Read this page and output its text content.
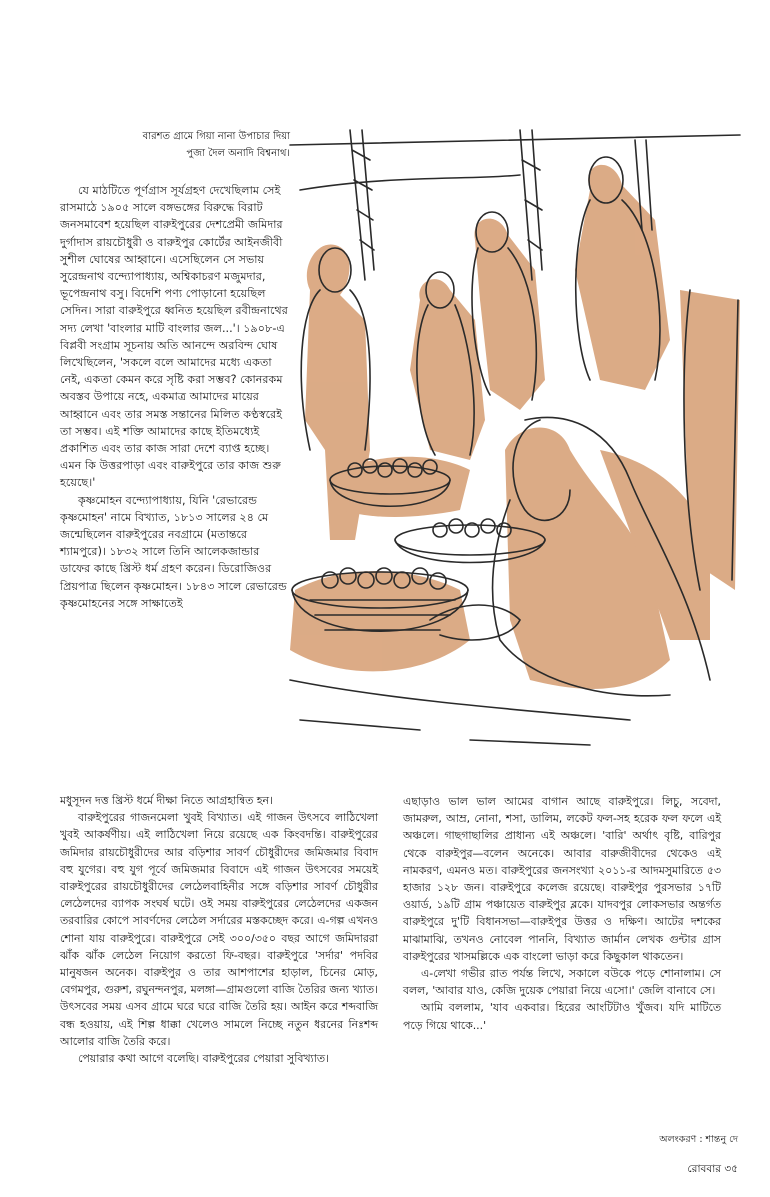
বারশত গ্রামে গিয়া নানা উপাচার দিয়া
পুজা দৈল অনাদি বিশ্বনাথ।

যে মাঠটিতে পূর্ণগ্রাস সূর্যগ্রহণ দেখেছিলাম সেই রাসমাঠে ১৯০৫ সালে বঙ্গভঙ্গের বিরুদ্ধে বিরাট জনসমাবেশ হয়েছিল বারুইপুরের দেশপ্রেমী জমিদার দুর্গাদাস রায়চৌধুরী ও বারুইপুর কোর্টের আইনজীবী সুশীল ঘোষের আহ্বানে। এসেছিলেন সে সভায় সুরেন্দ্রনাথ বন্দ্যোপাধ্যায়, অশ্বিকাচরণ মজুমদার, ভূপেন্দ্রনাথ বসু। বিদেশি পণ্য পোড়ানো হয়েছিল সেদিন। সারা বারুইপুরে ধ্বনিত হয়েছিল রবীন্দ্রনাথের সদ্য লেখা 'বাংলার মাটি বাংলার জল...'। ১৯০৮-এ বিপ্লবী সংগ্রাম সূচনায় অতি আনন্দে অরবিন্দ ঘোষ লিখেছিলেন, 'সকলে বলে আমাদের মধ্যে একতা নেই, একতা কেমন করে সৃষ্টি করা সম্ভব? কোনরকম অবস্তব উপায়ে নহে, একমাত্র আমাদের মায়ের আহ্বানে এবং তার সমস্ত সন্তানের মিলিত কণ্ঠস্বরেই তা সম্ভব। এই শক্তি আমাদের কাছে ইতিমধ্যেই প্রকাশিত এবং তার কাজ সারা দেশে ব্যাপ্ত হচ্ছে। এমন কি উত্তরপাড়া এবং বারুইপুরে তার কাজ শুরু হয়েছে।'

কৃষ্ণমোহন বন্দ্যোপাধ্যায়, যিনি 'রেভারেন্ড কৃষ্ণমোহন' নামে বিখ্যাত, ১৮১৩ সালের ২৪ মে জন্মেছিলেন বারুইপুরের নবগ্রামে (মতান্তরে শ্যামপুরে)। ১৮৩২ সালে তিনি আলেকজান্ডার ডাফের কাছে খ্রিস্ট ধর্ম গ্রহণ করেন। ডিরোজিওর প্রিয়পাত্র ছিলেন কৃষ্ণমোহন। ১৮৪৩ সালে রেভারেন্ড কৃষ্ণমোহনের সঙ্গে সাক্ষাতেই

মধুসূদন দত্ত খ্রিস্ট ধর্মে দীক্ষা নিতে আগ্রহান্বিত হন।

বারুইপুরের গাজনমেলা খুবই বিখ্যাত। এই গাজন উৎসবে লাঠিখেলা খুবই আকর্ষণীয়। এই লাঠিখেলা নিয়ে রয়েছে এক কিংবদন্তি। বারুইপুরের জমিদার রায়চৌধুরীদের আর বড়িশার সাবর্ণ চৌধুরীদের জমিজমার বিবাদ বহু যুগের। বহু যুগ পূর্বে জমিজমার বিবাদে এই গাজন উৎসবের সময়েই বারুইপুরের রায়চৌধুরীদের লেঠেলবাহিনীর সঙ্গে বড়িশার সাবর্ণ চৌধুরীর লেঠেলদের ব্যাপক সংঘর্ষ ঘটে। ওই সময় বারুইপুরের লেঠেলদের একজন তরবারির কোপে সাবর্ণদের লেঠেল সর্দারের মস্তকচ্ছেদ করে। এ-গল্প এখনও শোনা যায় বারুইপুরে। বারুইপুরে সেই ৩০০/৩৫০ বছর আগে জমিদাররা ঝাঁক ঝাঁক লেঠেল নিয়োগ করতো ফি-বছর। বারুইপুরে 'সর্দার' পদবির মানুষজন অনেক। বারুইপুর ও তার আশপাশের হাড়াল, চিনের মোড়, বেগমপুর, গুরুশ, রঘুনন্দনপুর, মলঙ্গা—গ্রামগুলো বাজি তৈরির জন্য খ্যাত। উৎসবের সময় এসব গ্রামে ঘরে ঘরে বাজি তৈরি হয়। আইন করে শব্দবাজি বন্ধ হওয়ায়, এই শিল্প ধাক্কা খেলেও সামলে নিচ্ছে নতুন ধরনের নিঃশব্দ আলোর বাজি তৈরি করে।

পেয়ারার কথা আগে বলেছি। বারুইপুরের পেয়ারা সুবিখ্যাত।

এছাড়াও ভাল ভাল আমের বাগান আছে বারুইপুরে। লিচু, সবেদা, জামরুল, আম্র, নোনা, শসা, ডালিম, লকেট ফল-সহ হরেক ফল ফলে এই অঞ্চলে। গাছগাছালির প্রাধান্য এই অঞ্চলে। 'বারি' অর্থাৎ বৃষ্টি, বারিপুর থেকে বারুইপুর—বলেন অনেকে। আবার বারুজীবীদের থেকেও এই নামকরণ, এমনও মত। বারুইপুরের জনসংখ্যা ২০১১-র আদমসুমারিতে ৫৩ হাজার ১২৮ জন। বারুইপুরে কলেজ রয়েছে। বারুইপুর পুরসভার ১৭টি ওয়ার্ড, ১৯টি গ্রাম পঞ্চায়েত বারুইপুর ব্লকে। যাদবপুর লোকসভার অন্তর্গত বারুইপুরে দু'টি বিধানসভা—বারুইপুর উত্তর ও দক্ষিণ। আটের দশকের মাঝামাঝি, তখনও নোবেল পাননি, বিখ্যাত জার্মান লেখক গুন্টার গ্রাস বারুইপুরের খাসমল্লিকে এক বাংলো ভাড়া করে কিছুকাল থাকতেন।

এ-লেখা গভীর রাত পর্যন্ত লিখে, সকালে বউকে পড়ে শোনালাম। সে বলল, 'আবার যাও, কেজি দুয়েক পেয়ারা নিয়ে এসো।' জেলি বানাবে সে।

আমি বললাম, 'যাব একবার। হিরের আংটিটাও খুঁজব। যদি মাটিতে পড়ে গিয়ে থাকে...'

অলংকরণ : শান্তনু দে
রোববার ৩৫
